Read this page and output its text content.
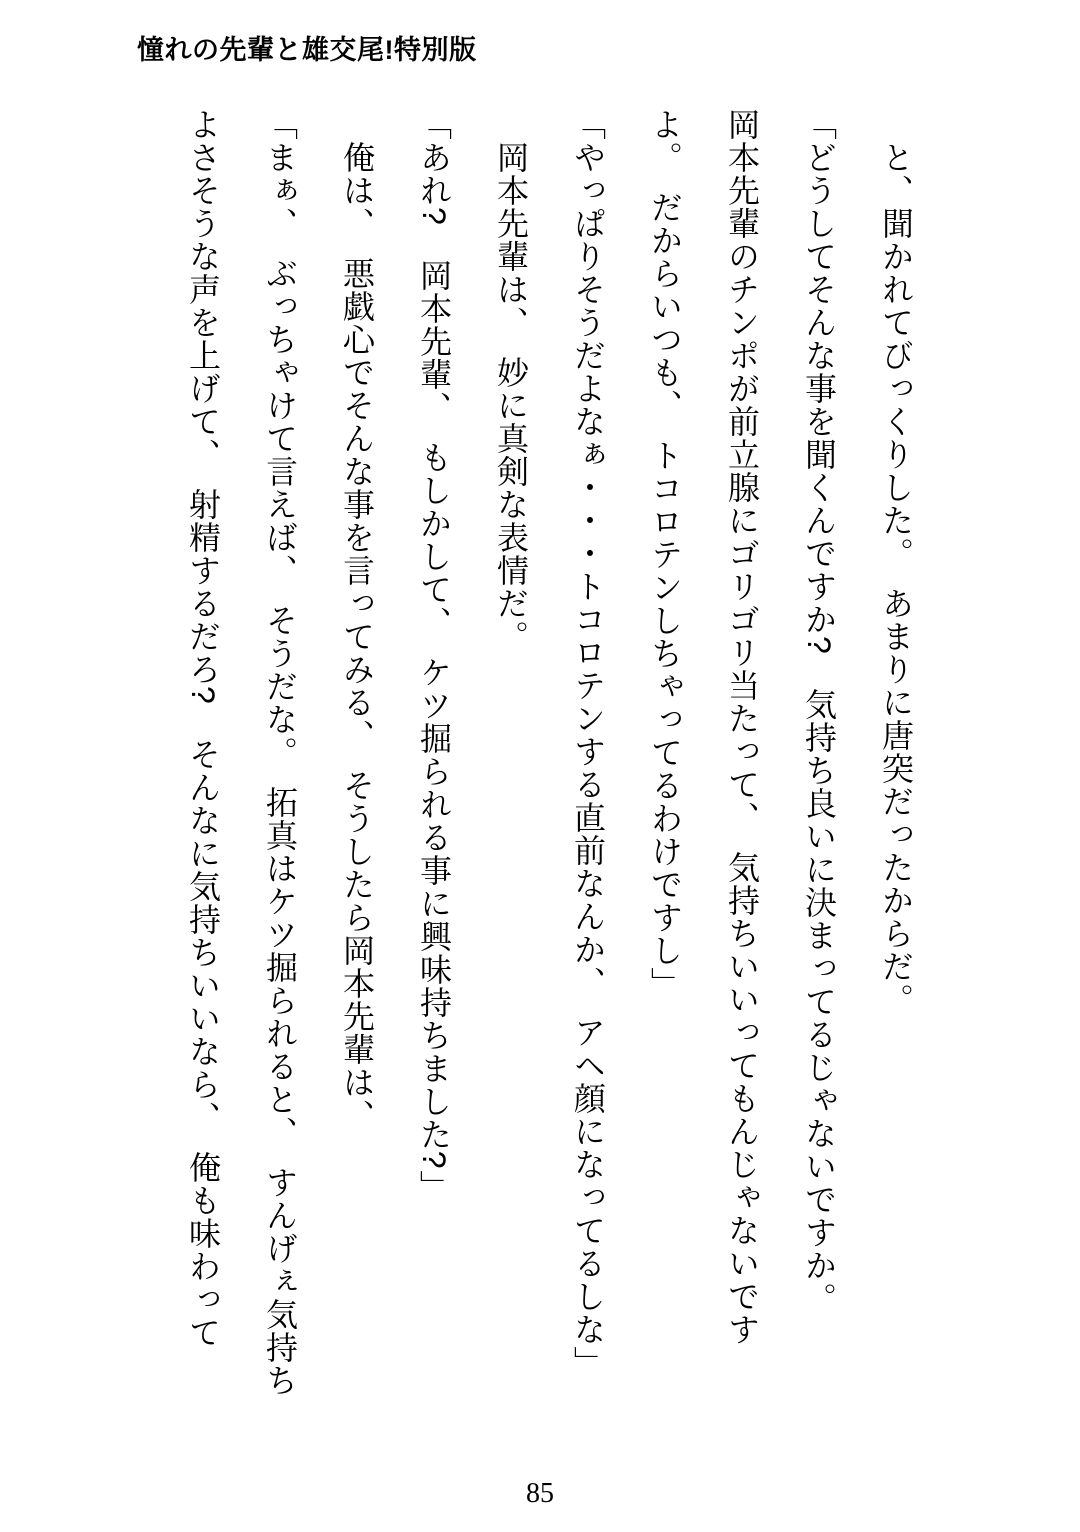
憧れの先輩と雄交尾!特別版
　と、聞かれてびっくりした。　あまりに唐突だったからだ。
「どうしてそんな事を聞くんですか?　気持ち良いに決まってるじゃないですか。
岡本先輩のチンポが前立腺にゴリゴリ当たって、　気持ちいいってもんじゃないです
よ。　だからいつも、　トコロテンしちゃってるわけですし」
「やっぱりそうだよなぁ・・・トコロテンする直前なんか、　アヘ顔になってるしな」
　岡本先輩は、　妙に真剣な表情だ。
「あれ?　岡本先輩、　もしかして、　ケツ掘られる事に興味持ちました?」
　俺は、　悪戯心でそんな事を言ってみる、　そうしたら岡本先輩は、
「まぁ、　ぶっちゃけて言えば、　そうだな。　拓真はケツ掘られると、　すんげぇ気持ち
よさそうな声を上げて、　射精するだろ?　そんなに気持ちいいなら、　俺も味わって
85
